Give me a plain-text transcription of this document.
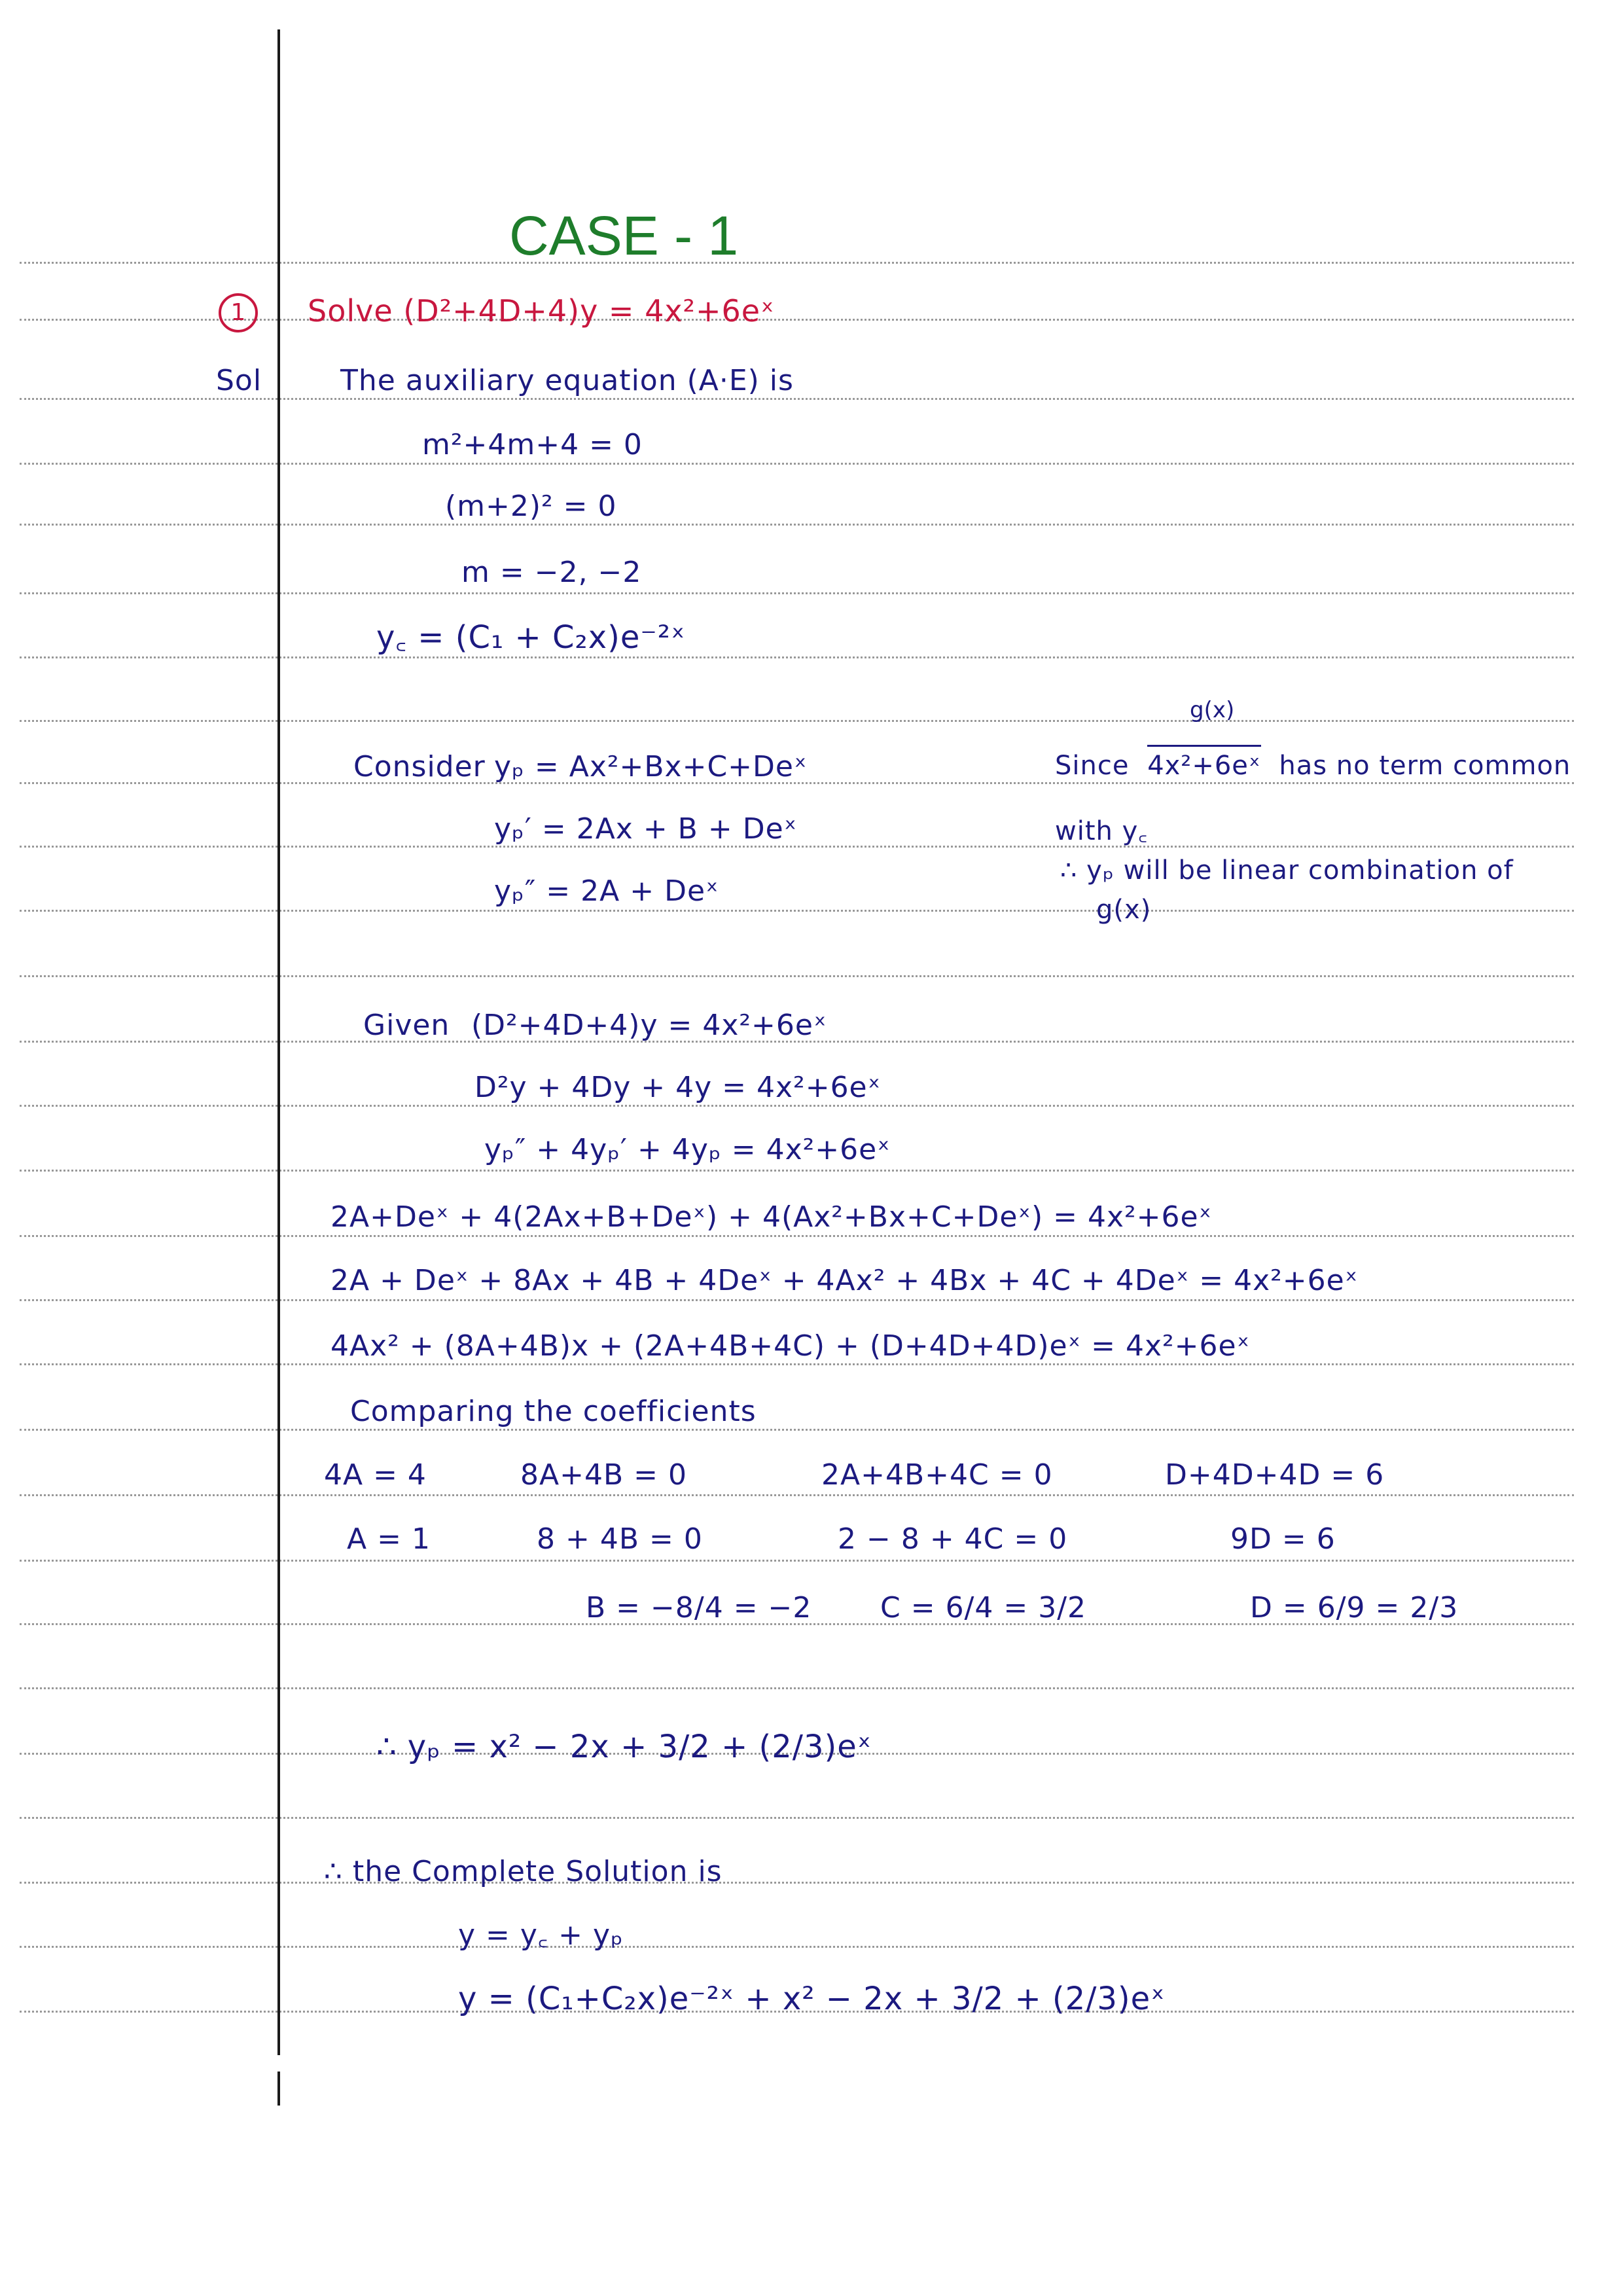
CASE - 1
1	Solve (D²+4D+4)y = 4x²+6eˣ
Sol	The auxiliary equation (A·E) is
m²+4m+4 = 0
(m+2)² = 0
m = −2, −2
y꜀ = (C₁ + C₂x)e⁻²ˣ
Consider yₚ = Ax²+Bx+C+Deˣ
yₚ′ = 2Ax + B + Deˣ
yₚ″ = 2A + Deˣ
g(x)
Since 4x²+6eˣ has no term common
with y꜀
∴ yₚ will be linear combination of
g(x)
Given (D²+4D+4)y = 4x²+6eˣ
D²y + 4Dy + 4y = 4x²+6eˣ
yₚ″ + 4yₚ′ + 4yₚ = 4x²+6eˣ
2A+Deˣ + 4(2Ax+B+Deˣ) + 4(Ax²+Bx+C+Deˣ) = 4x²+6eˣ
2A + Deˣ + 8Ax + 4B + 4Deˣ + 4Ax² + 4Bx + 4C + 4Deˣ = 4x²+6eˣ
4Ax² + (8A+4B)x + (2A+4B+4C) + (D+4D+4D)eˣ = 4x²+6eˣ
Comparing the coefficients
4A = 4
A = 1
8A+4B = 0
8 + 4B = 0
B = −8/4 = −2
2A+4B+4C = 0
2 − 8 + 4C = 0
C = 6/4 = 3/2
D+4D+4D = 6
9D = 6
D = 6/9 = 2/3
∴ yₚ = x² − 2x + 3/2 + (2/3)eˣ
∴ the Complete Solution is
y = y꜀ + yₚ
y = (C₁+C₂x)e⁻²ˣ + x² − 2x + 3/2 + (2/3)eˣ
